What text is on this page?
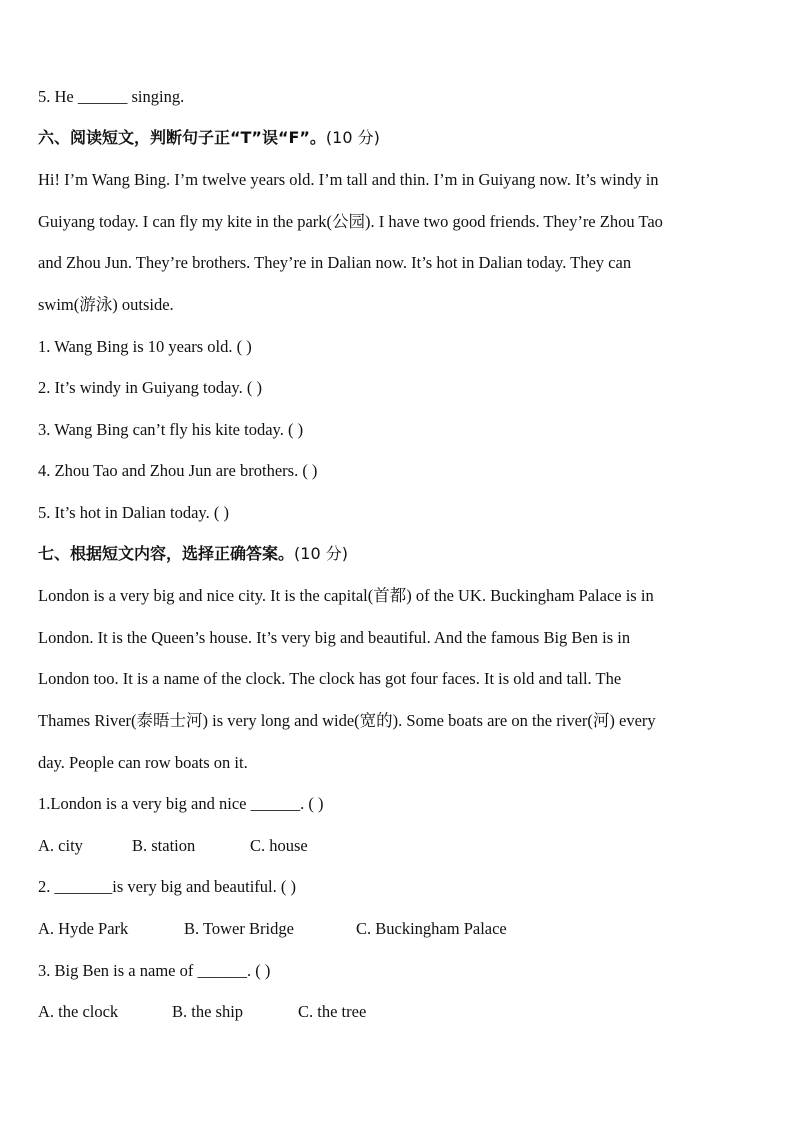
5. He ______ singing.
六、阅读短文，判断句子正“T”误“F”。(10 分)
Hi! I’m Wang Bing. I’m twelve years old. I’m tall and thin. I’m in Guiyang now. It’s windy in
Guiyang today. I can fly my kite in the park(公园). I have two good friends. They’re Zhou Tao
and Zhou Jun. They’re brothers. They’re in Dalian now. It’s hot in Dalian today. They can
swim(游泳) outside.
1. Wang Bing is 10 years old. ( )
2. It’s windy in Guiyang today. ( )
3. Wang Bing can’t fly his kite today. ( )
4. Zhou Tao and Zhou Jun are brothers. ( )
5. It’s hot in Dalian today. ( )
七、根据短文内容，选择正确答案。(10 分)
London is a very big and nice city. It is the capital(首都) of the UK. Buckingham Palace is in
London. It is the Queen’s house. It’s very big and beautiful. And the famous Big Ben is in
London too. It is a name of the clock. The clock has got four faces. It is old and tall. The
Thames River(泰晤士河) is very long and wide(宽的). Some boats are on the river(河) every
day. People can row boats on it.
1.London is a very big and nice ______. ( )
A. city	B. station	C. house
2. _______is very big and beautiful. ( )
A. Hyde Park	B. Tower Bridge	C. Buckingham Palace
3. Big Ben is a name of ______. ( )
A. the clock	B. the ship	C. the tree
